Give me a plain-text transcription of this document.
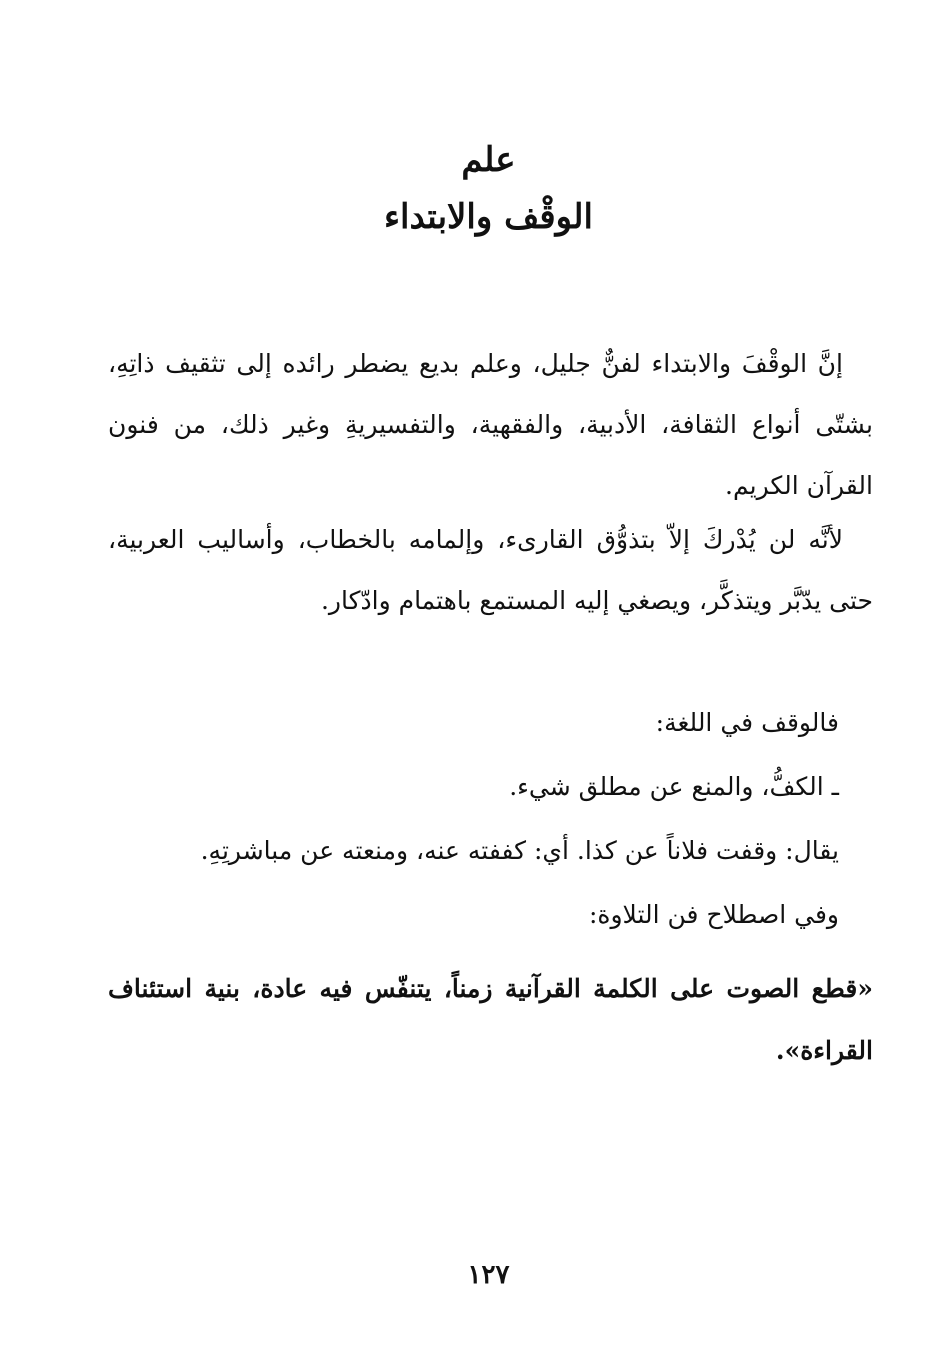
علم
الوقْف والابتداء

إنَّ الوقْفَ والابتداء لفنٌّ جليل، وعلم بديع يضطر رائده إلى تثقيف ذاتِهِ، بشتّى أنواع الثقافة، الأدبية، والفقهية، والتفسيريةِ وغير ذلك، من فنون القرآن الكريم.

لأنَّه لن يُدْركَ إلاّ بتذوُّق القارىء، وإلمامه بالخطاب، وأساليب العربية، حتى يدّبَّر ويتذكَّر، ويصغي إليه المستمع باهتمام وادّكار.

فالوقف في اللغة:
ـ الكفُّ، والمنع عن مطلق شيء.
يقال: وقفت فلاناً عن كذا. أي: كففته عنه، ومنعته عن مباشرتِهِ.
وفي اصطلاح فن التلاوة:

«قطع الصوت على الكلمة القرآنية زمناً، يتنفّس فيه عادة، بنية استئناف القراءة».

١٢٧
